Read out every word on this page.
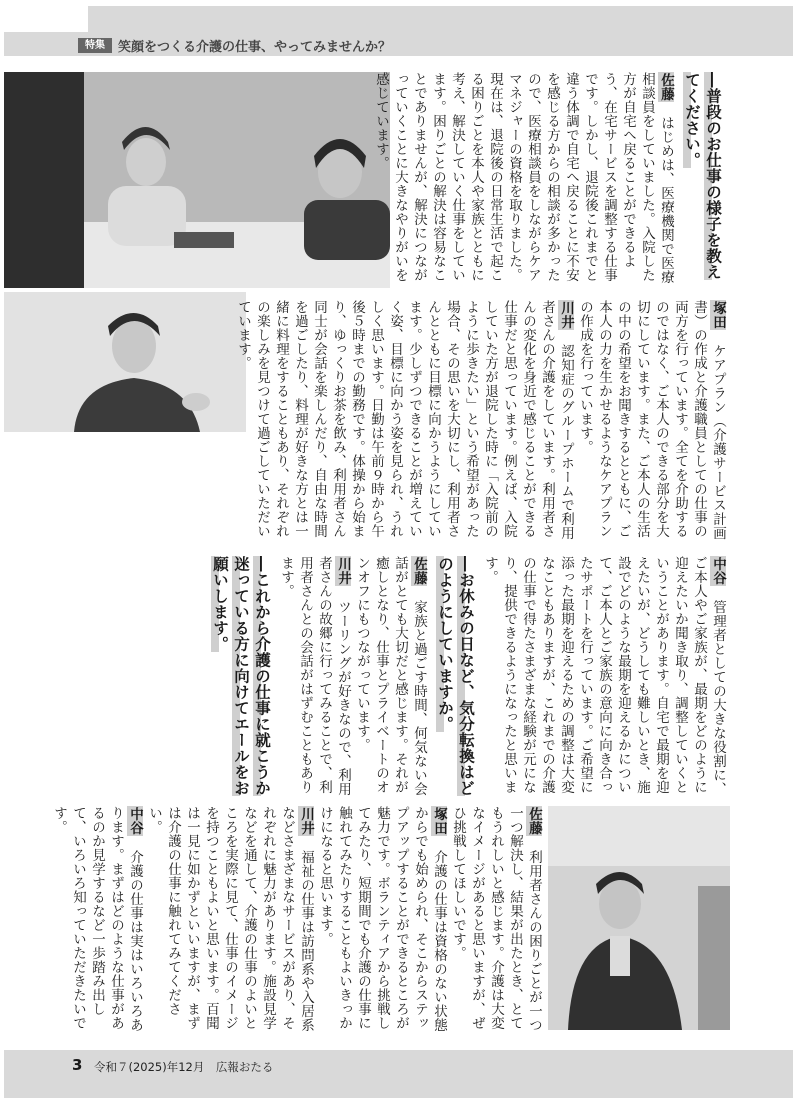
特集	笑顔をつくる介護の仕事、やってみませんか？
―普段のお仕事の様子を教えてください。

佐藤　はじめは、医療機関で医療相談員をしていました。入院した方が自宅へ戻ることができるよう、在宅サービスを調整する仕事です。しかし、退院後これまでと違う体調で自宅へ戻ることに不安を感じる方からの相談が多かったので、医療相談員をしながらケアマネジャーの資格を取りました。現在は、退院後の日常生活で起こる困りごとを本人や家族とともに考え、解決していく仕事をしています。困りごとの解決は容易なことでありませんが、解決につながっていくことに大きなやりがいを感じています。

塚田　ケアプラン（介護サービス計画書）の作成と介護職員としての仕事の両方を行っています。全てを介助するのではなく、ご本人のできる部分を大切にしています。また、ご本人の生活の中の希望をお聞きするとともに、ご本人の力を生かせるようなケアプランの作成を行っています。

川井　認知症のグループホームで利用者さんの介護をしています。利用者さんの変化を身近で感じることができる仕事だと思っています。例えば、入院していた方が退院した時に「入院前のように歩きたい」という希望があった場合、その思いを大切にし、利用者さんとともに目標に向かうようにしています。少しずつできることが増えていく姿、目標に向かう姿を見られ、うれしく思います。日勤は午前９時から午後５時までの勤務です。体操から始まり、ゆっくりお茶を飲み、利用者さん同士が会話を楽しんだり、自由な時間を過ごしたり、料理が好きな方とは一緒に料理をすることもあり、それぞれの楽しみを見つけて過ごしていただいています。

中谷　管理者としての大きな役割に、ご本人やご家族が、最期をどのように迎えたいか聞き取り、調整していくということがあります。自宅で最期を迎えたいが、どうしても難しいとき、施設でどのような最期を迎えるかについて、ご本人とご家族の意向に向き合ったサポートを行っています。ご希望に添った最期を迎えるための調整は大変なこともありますが、これまでの介護の仕事で得たさまざまな経験が元になり、提供できるようになったと思います。

―お休みの日など、気分転換はどのようにしていますか。

佐藤　家族と過ごす時間、何気ない会話がとても大切だと感じます。それが癒しとなり、仕事とプライベートのオンオフにもつながっています。

川井　ツーリングが好きなので、利用者さんの故郷に行ってみることで、利用者さんとの会話がはずむこともあります。

―これから介護の仕事に就こうか迷っている方に向けてエールをお願いします。

佐藤　利用者さんの困りごとが一つ一つ解決し、結果が出たとき、とてもうれしいと感じます。介護は大変なイメージがあると思いますが、ぜひ挑戦してほしいです。

塚田　介護の仕事は資格のない状態からでも始められ、そこからステップアップすることができるところが魅力です。ボランティアから挑戦してみたり、短期間でも介護の仕事に触れてみたりすることもよいきっかけになると思います。

川井　福祉の仕事は訪問系や入居系などさまざまなサービスがあり、それぞれに魅力があります。施設見学などを通して、介護の仕事のよいところを実際に見て、仕事のイメージを持つこともよいと思います。百聞は一見に如かずといいますが、まずは介護の仕事に触れてみてください。

中谷　介護の仕事は実はいろいろあります。まずはどのような仕事があるのか見学するなど一歩踏み出して、いろいろ知っていただきたいです。

3 令和７(2025)年12月　広報おたる
